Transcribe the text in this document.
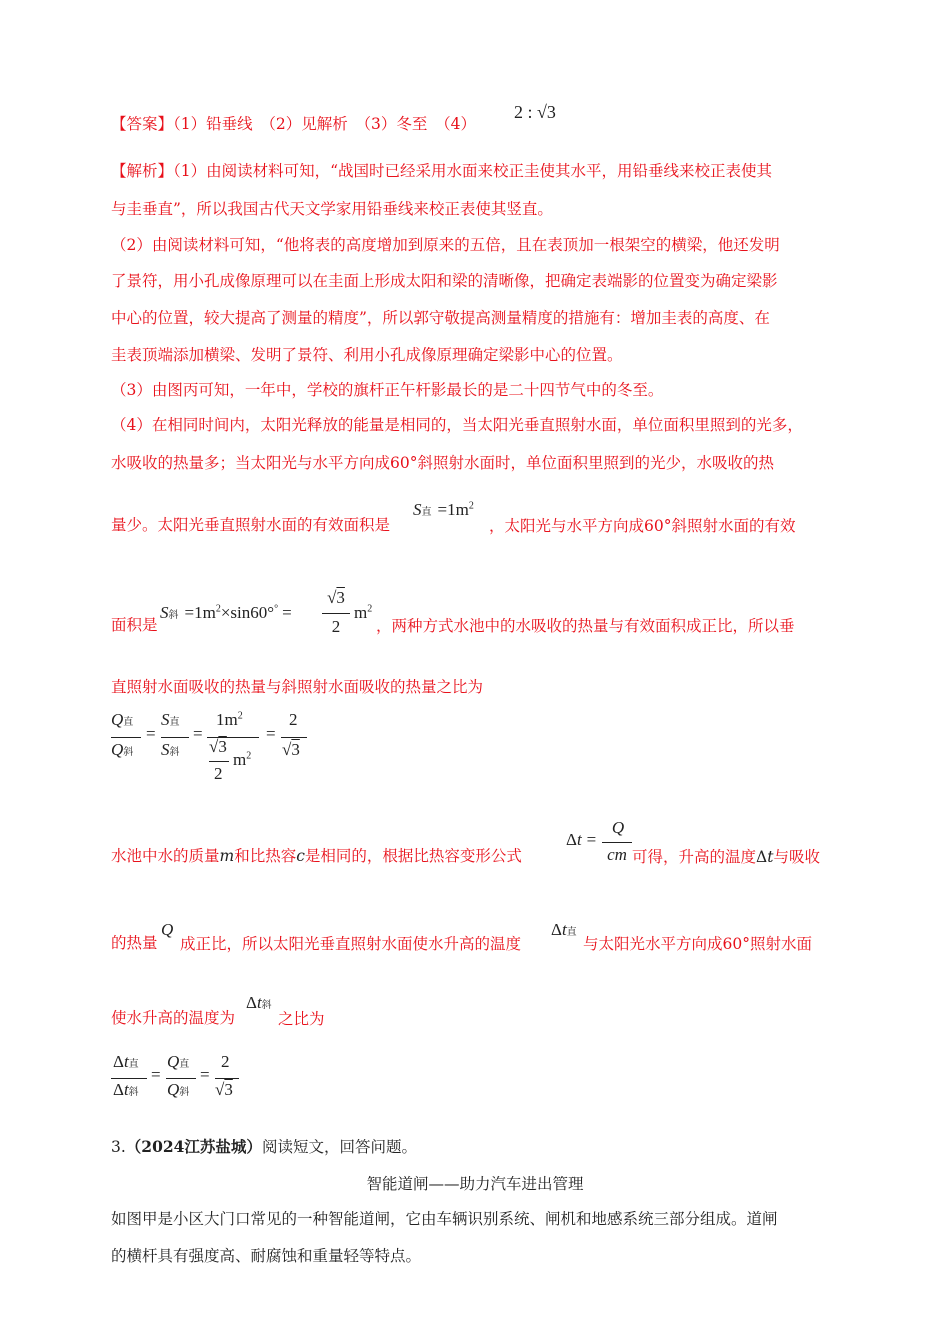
【答案】（1）铅垂线　（2）见解析　（3）冬至　（4）
2 : √3
【解析】（1）由阅读材料可知，“战国时已经采用水面来校正圭使其水平，用铅垂线来校正表使其
与圭垂直”，所以我国古代天文学家用铅垂线来校正表使其竖直。
（2）由阅读材料可知，“他将表的高度增加到原来的五倍，且在表顶加一根架空的横梁，他还发明
了景符，用小孔成像原理可以在圭面上形成太阳和梁的清晰像，把确定表端影的位置变为确定梁影
中心的位置，较大提高了测量的精度”，所以郭守敬提高测量精度的措施有：增加圭表的高度、在
圭表顶端添加横梁、发明了景符、利用小孔成像原理确定梁影中心的位置。
（3）由图丙可知，一年中，学校的旗杆正午杆影最长的是二十四节气中的冬至。
（4）在相同时间内，太阳光释放的能量是相同的，当太阳光垂直照射水面，单位面积里照到的光多，
水吸收的热量多；当太阳光与水平方向成60°斜照射水面时，单位面积里照到的光少，水吸收的热
量少。太阳光垂直照射水面的有效面积是
S直 $=1m^2$
，太阳光与水平方向成60°斜照射水面的有效
面积是
S斜 $=1m^2\times\sin 60^\circ^\circ$ =
√3
2
$m^2$
，两种方式水池中的水吸收的热量与有效面积成正比，所以垂
直照射水面吸收的热量与斜照射水面吸收的热量之比为
Q直
Q斜
=
S直
S斜
=
$1m^2$
√3
2
$m^2$
=
2
√3
水池中水的质量m和比热容c是相同的，根据比热容变形公式
Δt =
Q
cm 可得，升高的温度Δt与吸收
的热量
Q
成正比，所以太阳光垂直照射水面使水升高的温度
Δt直
与太阳光水平方向成60°照射水面
使水升高的温度为
Δt斜
之比为
Δt直
Δt斜
=
Q直
Q斜
=
2
√3
3.（2024江苏盐城）阅读短文，回答问题。
智能道闸——助力汽车进出管理
如图甲是小区大门口常见的一种智能道闸，它由车辆识别系统、闸机和地感系统三部分组成。道闸
的横杆具有强度高、耐腐蚀和重量轻等特点。
